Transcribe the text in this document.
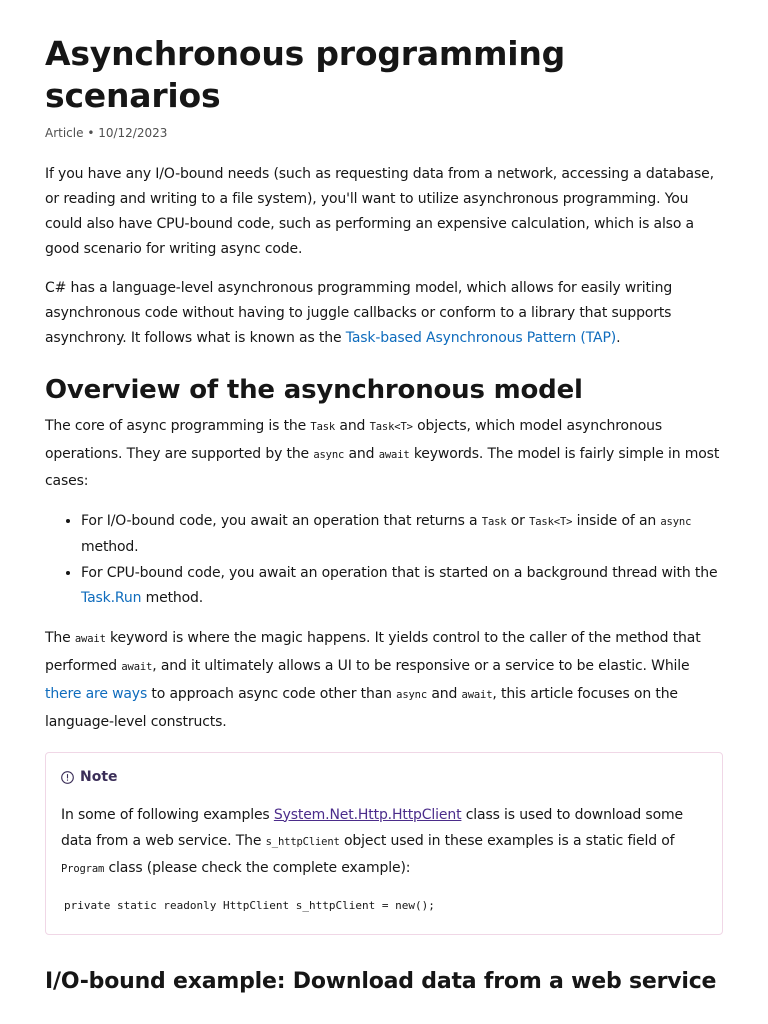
Asynchronous programming scenarios
Article • 10/12/2023

If you have any I/O-bound needs (such as requesting data from a network, accessing a database, or reading and writing to a file system), you'll want to utilize asynchronous programming. You could also have CPU-bound code, such as performing an expensive calculation, which is also a good scenario for writing async code.

C# has a language-level asynchronous programming model, which allows for easily writing asynchronous code without having to juggle callbacks or conform to a library that supports asynchrony. It follows what is known as the Task-based Asynchronous Pattern (TAP).

Overview of the asynchronous model

The core of async programming is the Task and Task<T> objects, which model asynchronous operations. They are supported by the async and await keywords. The model is fairly simple in most cases:

• For I/O-bound code, you await an operation that returns a Task or Task<T> inside of an async method.
• For CPU-bound code, you await an operation that is started on a background thread with the Task.Run method.

The await keyword is where the magic happens. It yields control to the caller of the method that performed await, and it ultimately allows a UI to be responsive or a service to be elastic. While there are ways to approach async code other than async and await, this article focuses on the language-level constructs.

Note

In some of following examples System.Net.Http.HttpClient class is used to download some data from a web service. The s_httpClient object used in these examples is a static field of Program class (please check the complete example):

private static readonly HttpClient s_httpClient = new();
I/O-bound example: Download data from a web service
